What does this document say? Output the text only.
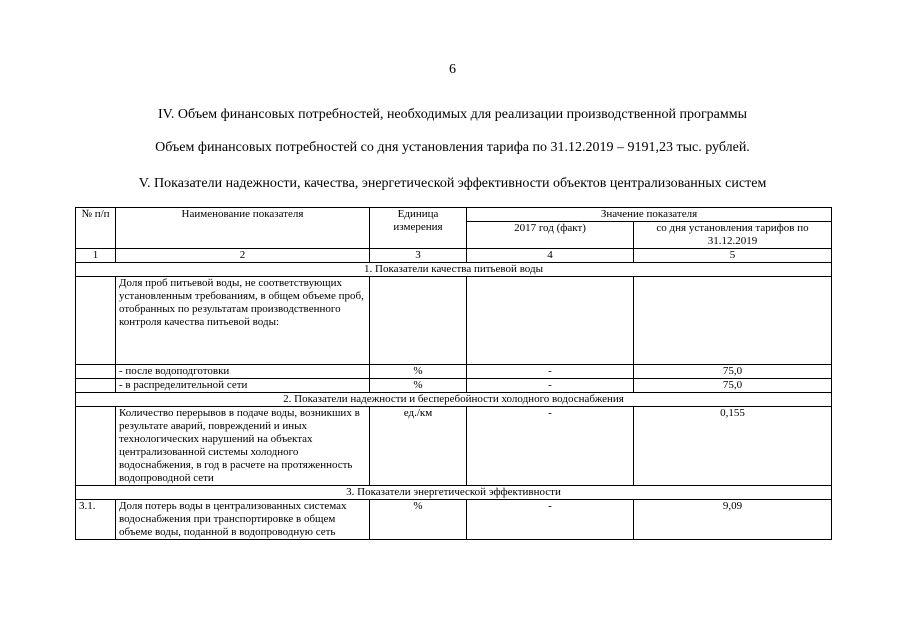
6
IV. Объем финансовых потребностей, необходимых для реализации производственной программы
Объем финансовых потребностей со дня установления тарифа по 31.12.2019 – 9191,23 тыс. рублей.
V. Показатели надежности, качества, энергетической эффективности объектов централизованных систем
№ п/п	Наименование показателя	Единица измерения	Значение показателя	
			2017 год (факт)	со дня установления тарифов по 31.12.2019
1	2	3	4	5
1. Показатели качества питьевой воды				
	Доля проб питьевой воды, не соответствующих установленным требованиям, в общем объеме проб, отобранных по результатам производственного контроля качества питьевой воды:			
	- после водоподготовки	%	-	75,0
	- в распределительной сети	%	-	75,0
2. Показатели надежности и бесперебойности холодного водоснабжения				
	Количество перерывов в подаче воды, возникших в результате аварий, повреждений и иных технологических нарушений на объектах централизованной системы холодного водоснабжения, в год в расчете на протяженность водопроводной сети	ед./км	-	0,155
3. Показатели энергетической эффективности				
3.1.	Доля потерь воды в централизованных системах водоснабжения при транспортировке в общем объеме воды, поданной в водопроводную сеть	%	-	9,09
